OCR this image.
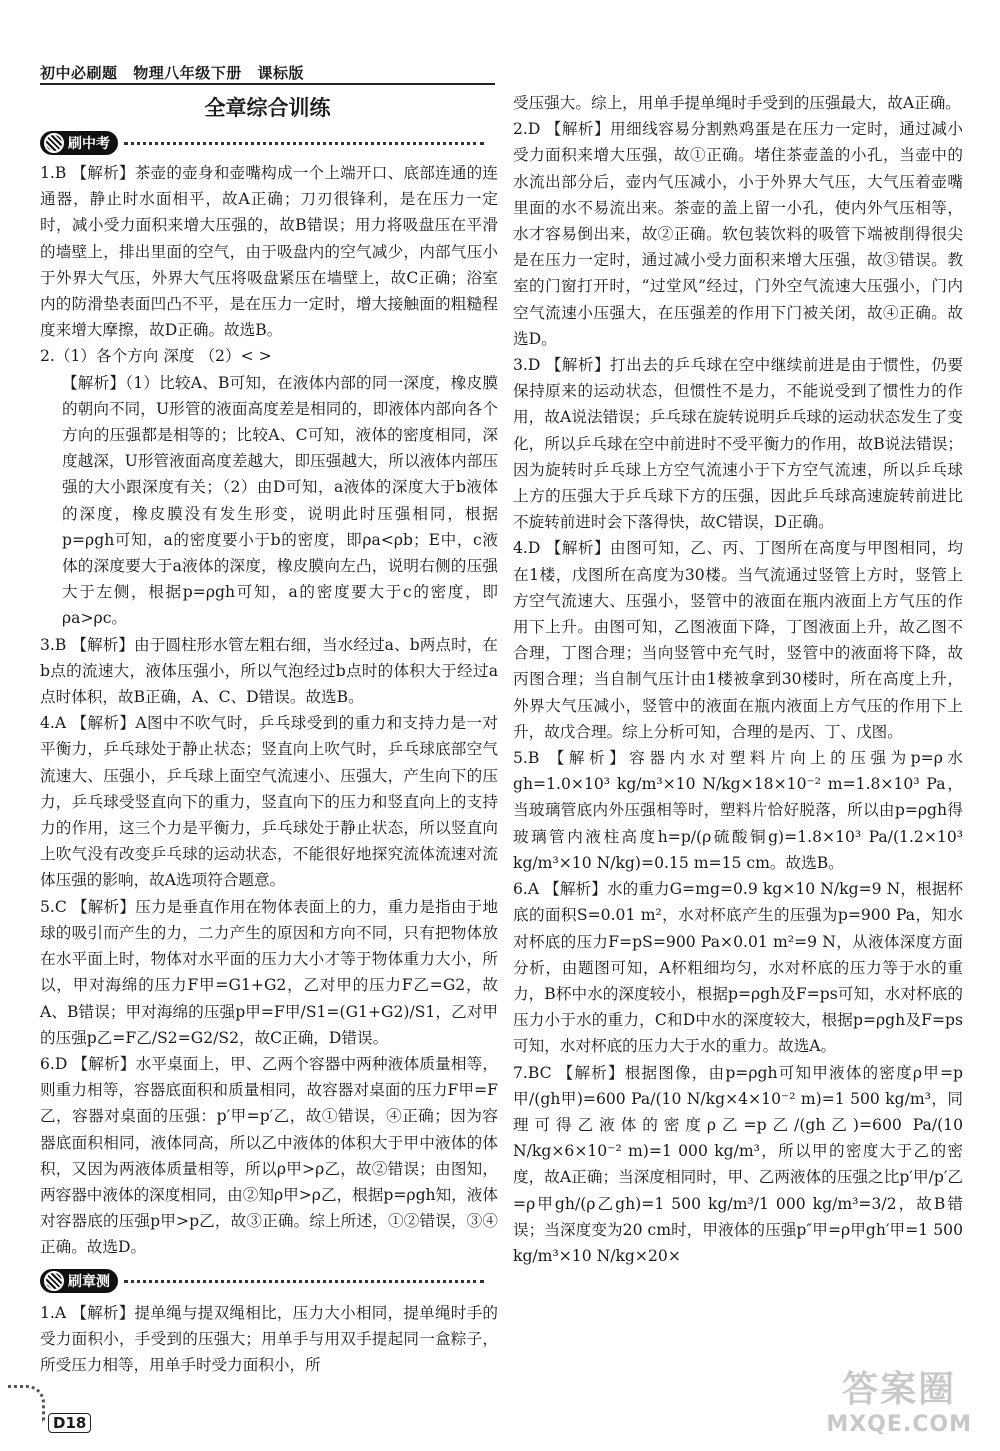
初中必刷题 物理八年级下册 课标版
全章综合训练
刷中考

1.B 【解析】茶壶的壶身和壶嘴构成一个上端开口、底部连通的连通器，静止时水面相平，故A正确；刀刃很锋利，是在压力一定时，减小受力面积来增大压强的，故B错误；用力将吸盘压在平滑的墙壁上，排出里面的空气，由于吸盘内的空气减少，内部气压小于外界大气压，外界大气压将吸盘紧压在墙壁上，故C正确；浴室内的防滑垫表面凹凸不平，是在压力一定时，增大接触面的粗糙程度来增大摩擦，故D正确。故选B。

2.（1）各个方向 深度 （2）< >

【解析】（1）比较A、B可知，在液体内部的同一深度，橡皮膜的朝向不同，U形管的液面高度差是相同的，即液体内部向各个方向的压强都是相等的；比较A、C可知，液体的密度相同，深度越深，U形管液面高度差越大，即压强越大，所以液体内部压强的大小跟深度有关；（2）由D可知，a液体的深度大于b液体的深度，橡皮膜没有发生形变，说明此时压强相同，根据p=ρgh可知，a的密度要小于b的密度，即ρa<ρb；E中，c液体的深度要大于a液体的深度，橡皮膜向左凸，说明右侧的压强大于左侧，根据p=ρgh可知，a的密度要大于c的密度，即ρa>ρc。

3.B 【解析】由于圆柱形水管左粗右细，当水经过a、b两点时，在b点的流速大，液体压强小，所以气泡经过b点时的体积大于经过a点时体积，故B正确，A、C、D错误。故选B。

4.A 【解析】A图中不吹气时，乒乓球受到的重力和支持力是一对平衡力，乒乓球处于静止状态；竖直向上吹气时，乒乓球底部空气流速大、压强小，乒乓球上面空气流速小、压强大，产生向下的压力，乒乓球受竖直向下的重力，竖直向下的压力和竖直向上的支持力的作用，这三个力是平衡力，乒乓球处于静止状态，所以竖直向上吹气没有改变乒乓球的运动状态，不能很好地探究流体流速对流体压强的影响，故A选项符合题意。

5.C 【解析】压力是垂直作用在物体表面上的力，重力是指由于地球的吸引而产生的力，二力产生的原因和方向不同，只有把物体放在水平面上时，物体对水平面的压力大小才等于物体重力大小，所以，甲对海绵的压力F甲=G1+G2，乙对甲的压力F乙=G2，故A、B错误；甲对海绵的压强p甲=F甲/S1=(G1+G2)/S1，乙对甲的压强p乙=F乙/S2=G2/S2，故C正确，D错误。

6.D 【解析】水平桌面上，甲、乙两个容器中两种液体质量相等，则重力相等，容器底面积和质量相同，故容器对桌面的压力F甲=F乙，容器对桌面的压强：p′甲=p′乙，故①错误，④正确；因为容器底面积相同，液体同高，所以乙中液体的体积大于甲中液体的体积，又因为两液体质量相等，所以ρ甲>ρ乙，故②错误；由图知，两容器中液体的深度相同，由②知ρ甲>ρ乙，根据p=ρgh知，液体对容器底的压强p甲>p乙，故③正确。综上所述，①②错误，③④正确。故选D。

刷章测

1.A 【解析】提单绳与提双绳相比，压力大小相同，提单绳时手的受力面积小，手受到的压强大；用单手与用双手提起同一盒粽子，所受压力相等，用单手时受力面积小，所

受压强大。综上，用单手提单绳时手受到的压强最大，故A正确。

2.D 【解析】用细线容易分割熟鸡蛋是在压力一定时，通过减小受力面积来增大压强，故①正确。堵住茶壶盖的小孔，当壶中的水流出部分后，壶内气压减小，小于外界大气压，大气压着壶嘴里面的水不易流出来。茶壶的盖上留一小孔，使内外气压相等，水才容易倒出来，故②正确。软包装饮料的吸管下端被削得很尖是在压力一定时，通过减小受力面积来增大压强，故③错误。教室的门窗打开时，“过堂风”经过，门外空气流速大压强小，门内空气流速小压强大，在压强差的作用下门被关闭，故④正确。故选D。

3.D 【解析】打出去的乒乓球在空中继续前进是由于惯性，仍要保持原来的运动状态，但惯性不是力，不能说受到了惯性力的作用，故A说法错误；乒乓球在旋转说明乒乓球的运动状态发生了变化，所以乒乓球在空中前进时不受平衡力的作用，故B说法错误；因为旋转时乒乓球上方空气流速小于下方空气流速，所以乒乓球上方的压强大于乒乓球下方的压强，因此乒乓球高速旋转前进比不旋转前进时会下落得快，故C错误，D正确。

4.D 【解析】由图可知，乙、丙、丁图所在高度与甲图相同，均在1楼，戊图所在高度为30楼。当气流通过竖管上方时，竖管上方空气流速大、压强小，竖管中的液面在瓶内液面上方气压的作用下上升。由图可知，乙图液面下降，丁图液面上升，故乙图不合理，丁图合理；当向竖管中充气时，竖管中的液面将下降，故丙图合理；当自制气压计由1楼被拿到30楼时，所在高度上升，外界大气压减小，竖管中的液面在瓶内液面上方气压的作用下上升，故戊合理。综上分析可知，合理的是丙、丁、戊图。

5.B 【解析】容器内水对塑料片向上的压强为p=ρ水gh=1.0×10³ kg/m³×10 N/kg×18×10⁻² m=1.8×10³ Pa，当玻璃管底内外压强相等时，塑料片恰好脱落，所以由p=ρgh得玻璃管内液柱高度h=p/(ρ硫酸铜g)=1.8×10³ Pa/(1.2×10³ kg/m³×10 N/kg)=0.15 m=15 cm。故选B。

6.A 【解析】水的重力G=mg=0.9 kg×10 N/kg=9 N，根据杯底的面积S=0.01 m²，水对杯底产生的压强为p=900 Pa，知水对杯底的压力F=pS=900 Pa×0.01 m²=9 N，从液体深度方面分析，由题图可知，A杯粗细均匀，水对杯底的压力等于水的重力，B杯中水的深度较小，根据p=ρgh及F=ps可知，水对杯底的压力小于水的重力，C和D中水的深度较大，根据p=ρgh及F=ps可知，水对杯底的压力大于水的重力。故选A。

7.BC 【解析】根据图像，由p=ρgh可知甲液体的密度ρ甲=p甲/(gh甲)=600 Pa/(10 N/kg×4×10⁻² m)=1 500 kg/m³，同理可得乙液体的密度ρ乙=p乙/(gh乙)=600 Pa/(10 N/kg×6×10⁻² m)=1 000 kg/m³，所以甲的密度大于乙的密度，故A正确；当深度相同时，甲、乙两液体的压强之比p′甲/p′乙=ρ甲gh/(ρ乙gh)=1 500 kg/m³/1 000 kg/m³=3/2，故B错误；当深度变为20 cm时，甲液体的压强p″甲=ρ甲gh′甲=1 500 kg/m³×10 N/kg×20×

D18
答案圈
MXQE.COM
